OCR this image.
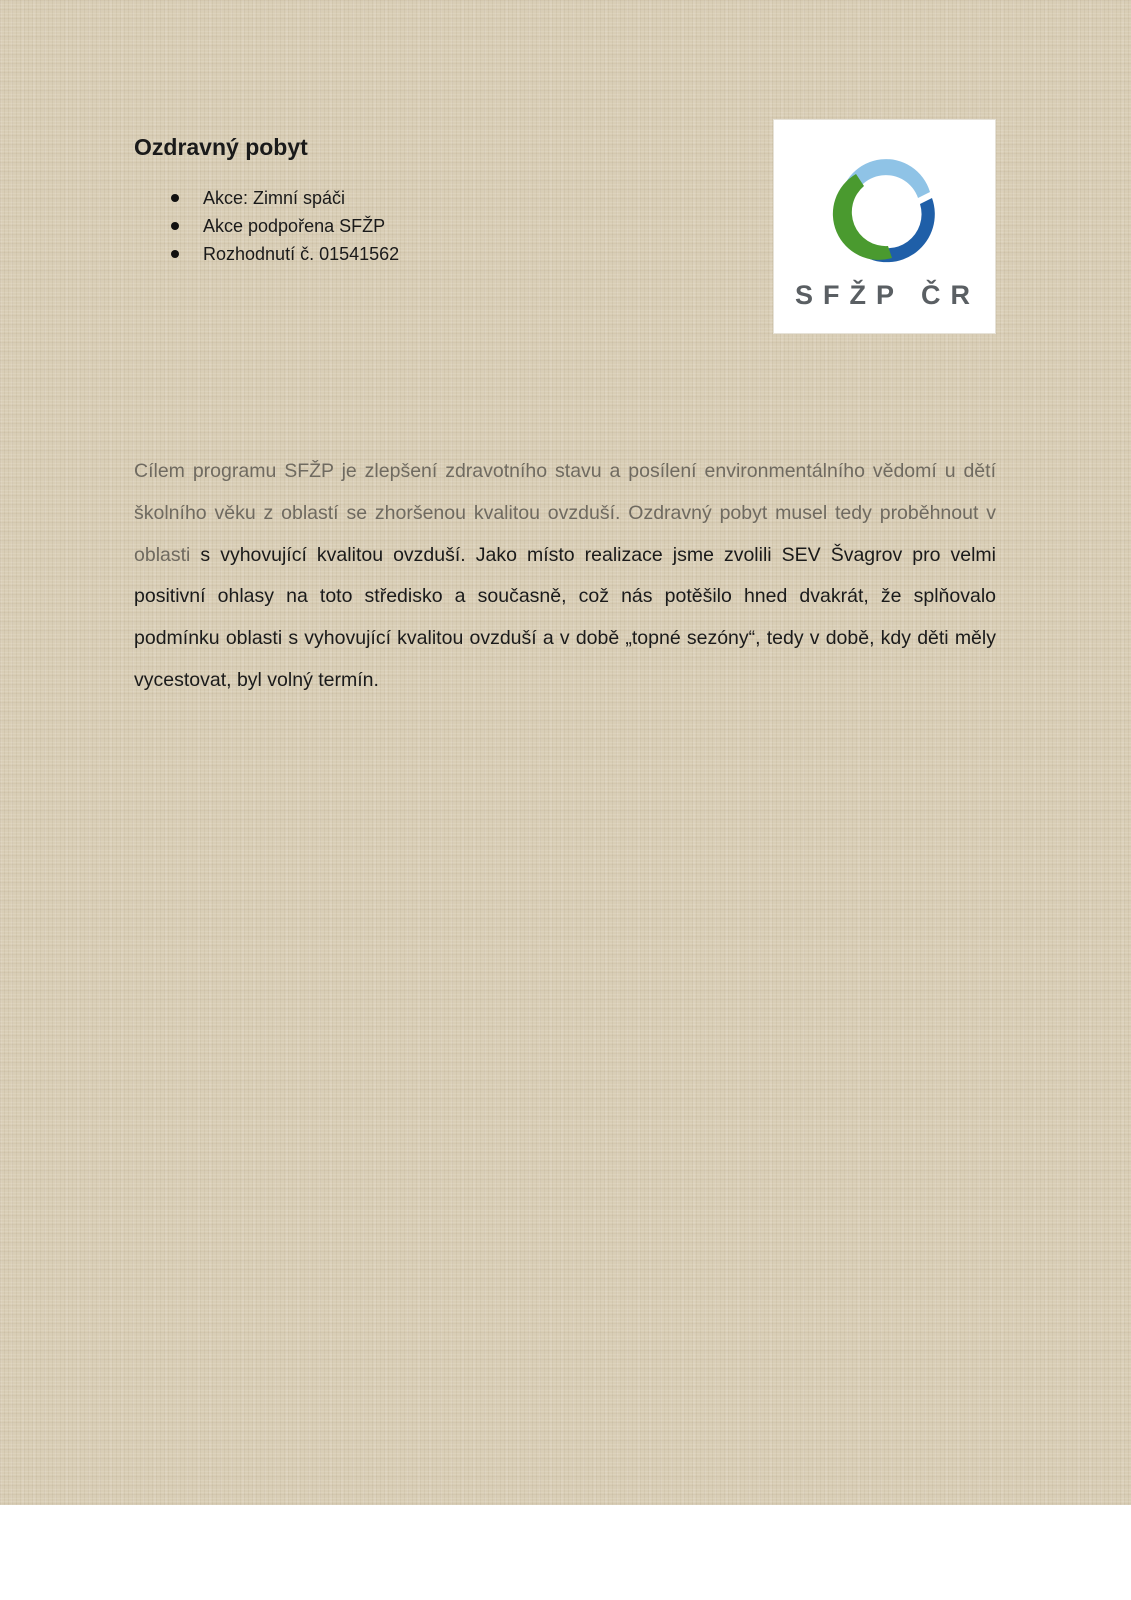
Ozdravný pobyt
Akce: Zimní spáči
Akce podpořena SFŽP
Rozhodnutí č. 01541562
SFŽP ČR

Cílem programu SFŽP je zlepšení zdravotního stavu a posílení environmentálního vědomí u dětí školního věku z oblastí se zhoršenou kvalitou ovzduší. Ozdravný pobyt musel tedy proběhnout v oblasti s vyhovující kvalitou ovzduší. Jako místo realizace jsme zvolili SEV Švagrov pro velmi positivní ohlasy na toto středisko a současně, což nás potěšilo hned dvakrát, že splňovalo podmínku oblasti s vyhovující kvalitou ovzduší a v době „topné sezóny“, tedy v době, kdy děti měly vycestovat, byl volný termín.
